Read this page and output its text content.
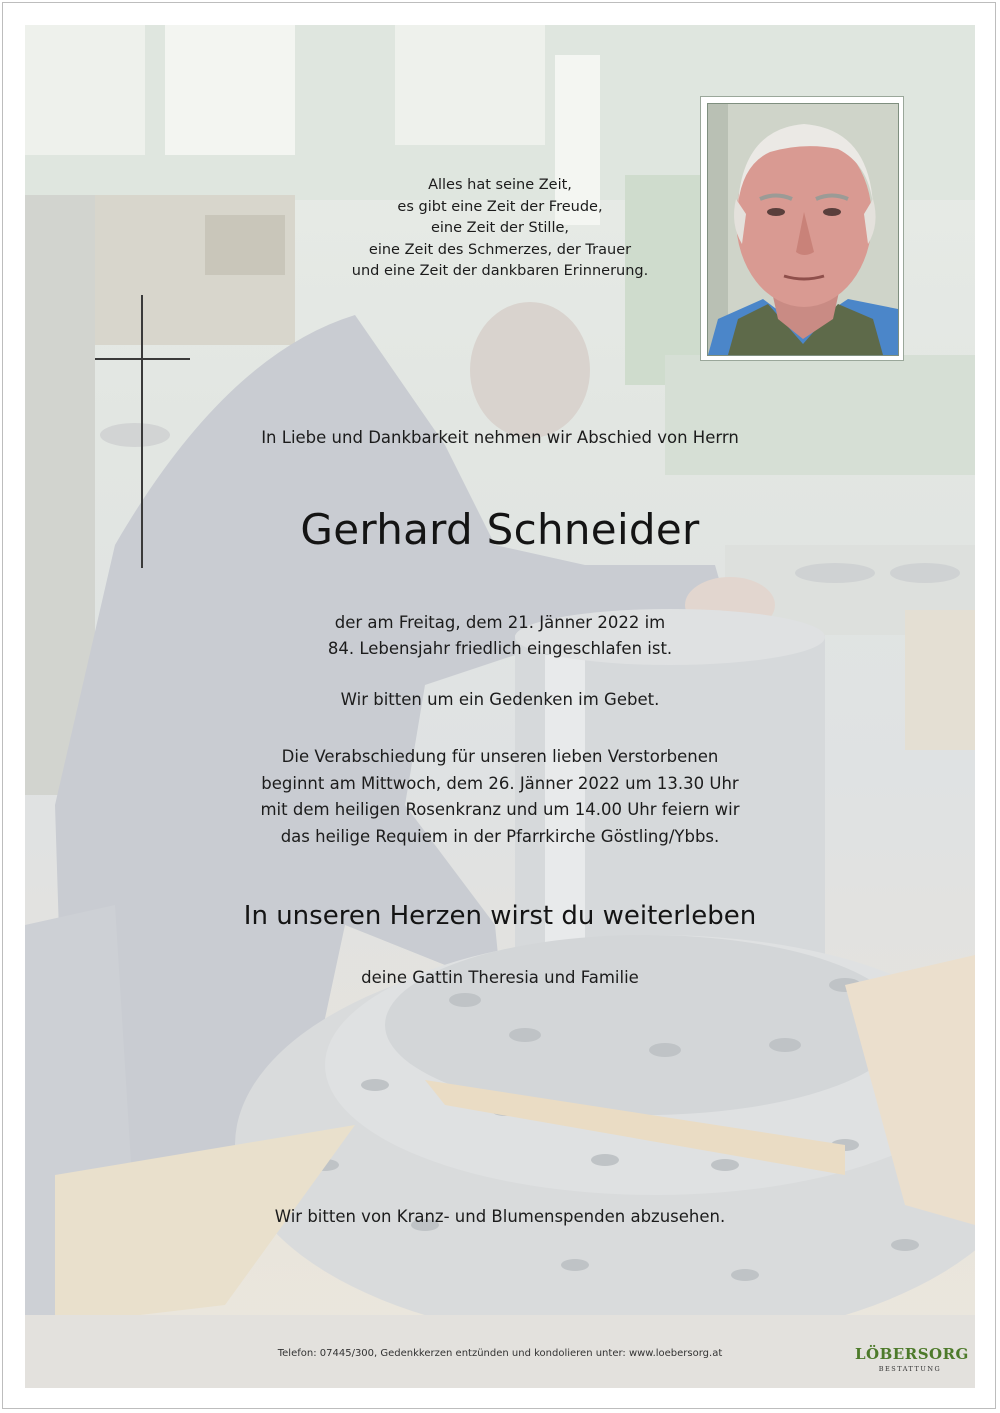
Alles hat seine Zeit,
es gibt eine Zeit der Freude,
eine Zeit der Stille,
eine Zeit des Schmerzes, der Trauer
und eine Zeit der dankbaren Erinnerung.
In Liebe und Dankbarkeit nehmen wir Abschied von Herrn
Gerhard Schneider
der am Freitag, dem 21. Jänner 2022 im
84. Lebensjahr friedlich eingeschlafen ist.
Wir bitten um ein Gedenken im Gebet.
Die Verabschiedung für unseren lieben Verstorbenen
beginnt am Mittwoch, dem 26. Jänner 2022 um 13.30 Uhr
mit dem heiligen Rosenkranz und um 14.00 Uhr feiern wir
das heilige Requiem in der Pfarrkirche Göstling/Ybbs.
In unseren Herzen wirst du weiterleben
deine Gattin Theresia und Familie
Wir bitten von Kranz- und Blumenspenden abzusehen.
Telefon: 07445/300, Gedenkkerzen entzünden und kondolieren unter: www.loebersorg.at	LÖBERSORG
BESTATTUNG
